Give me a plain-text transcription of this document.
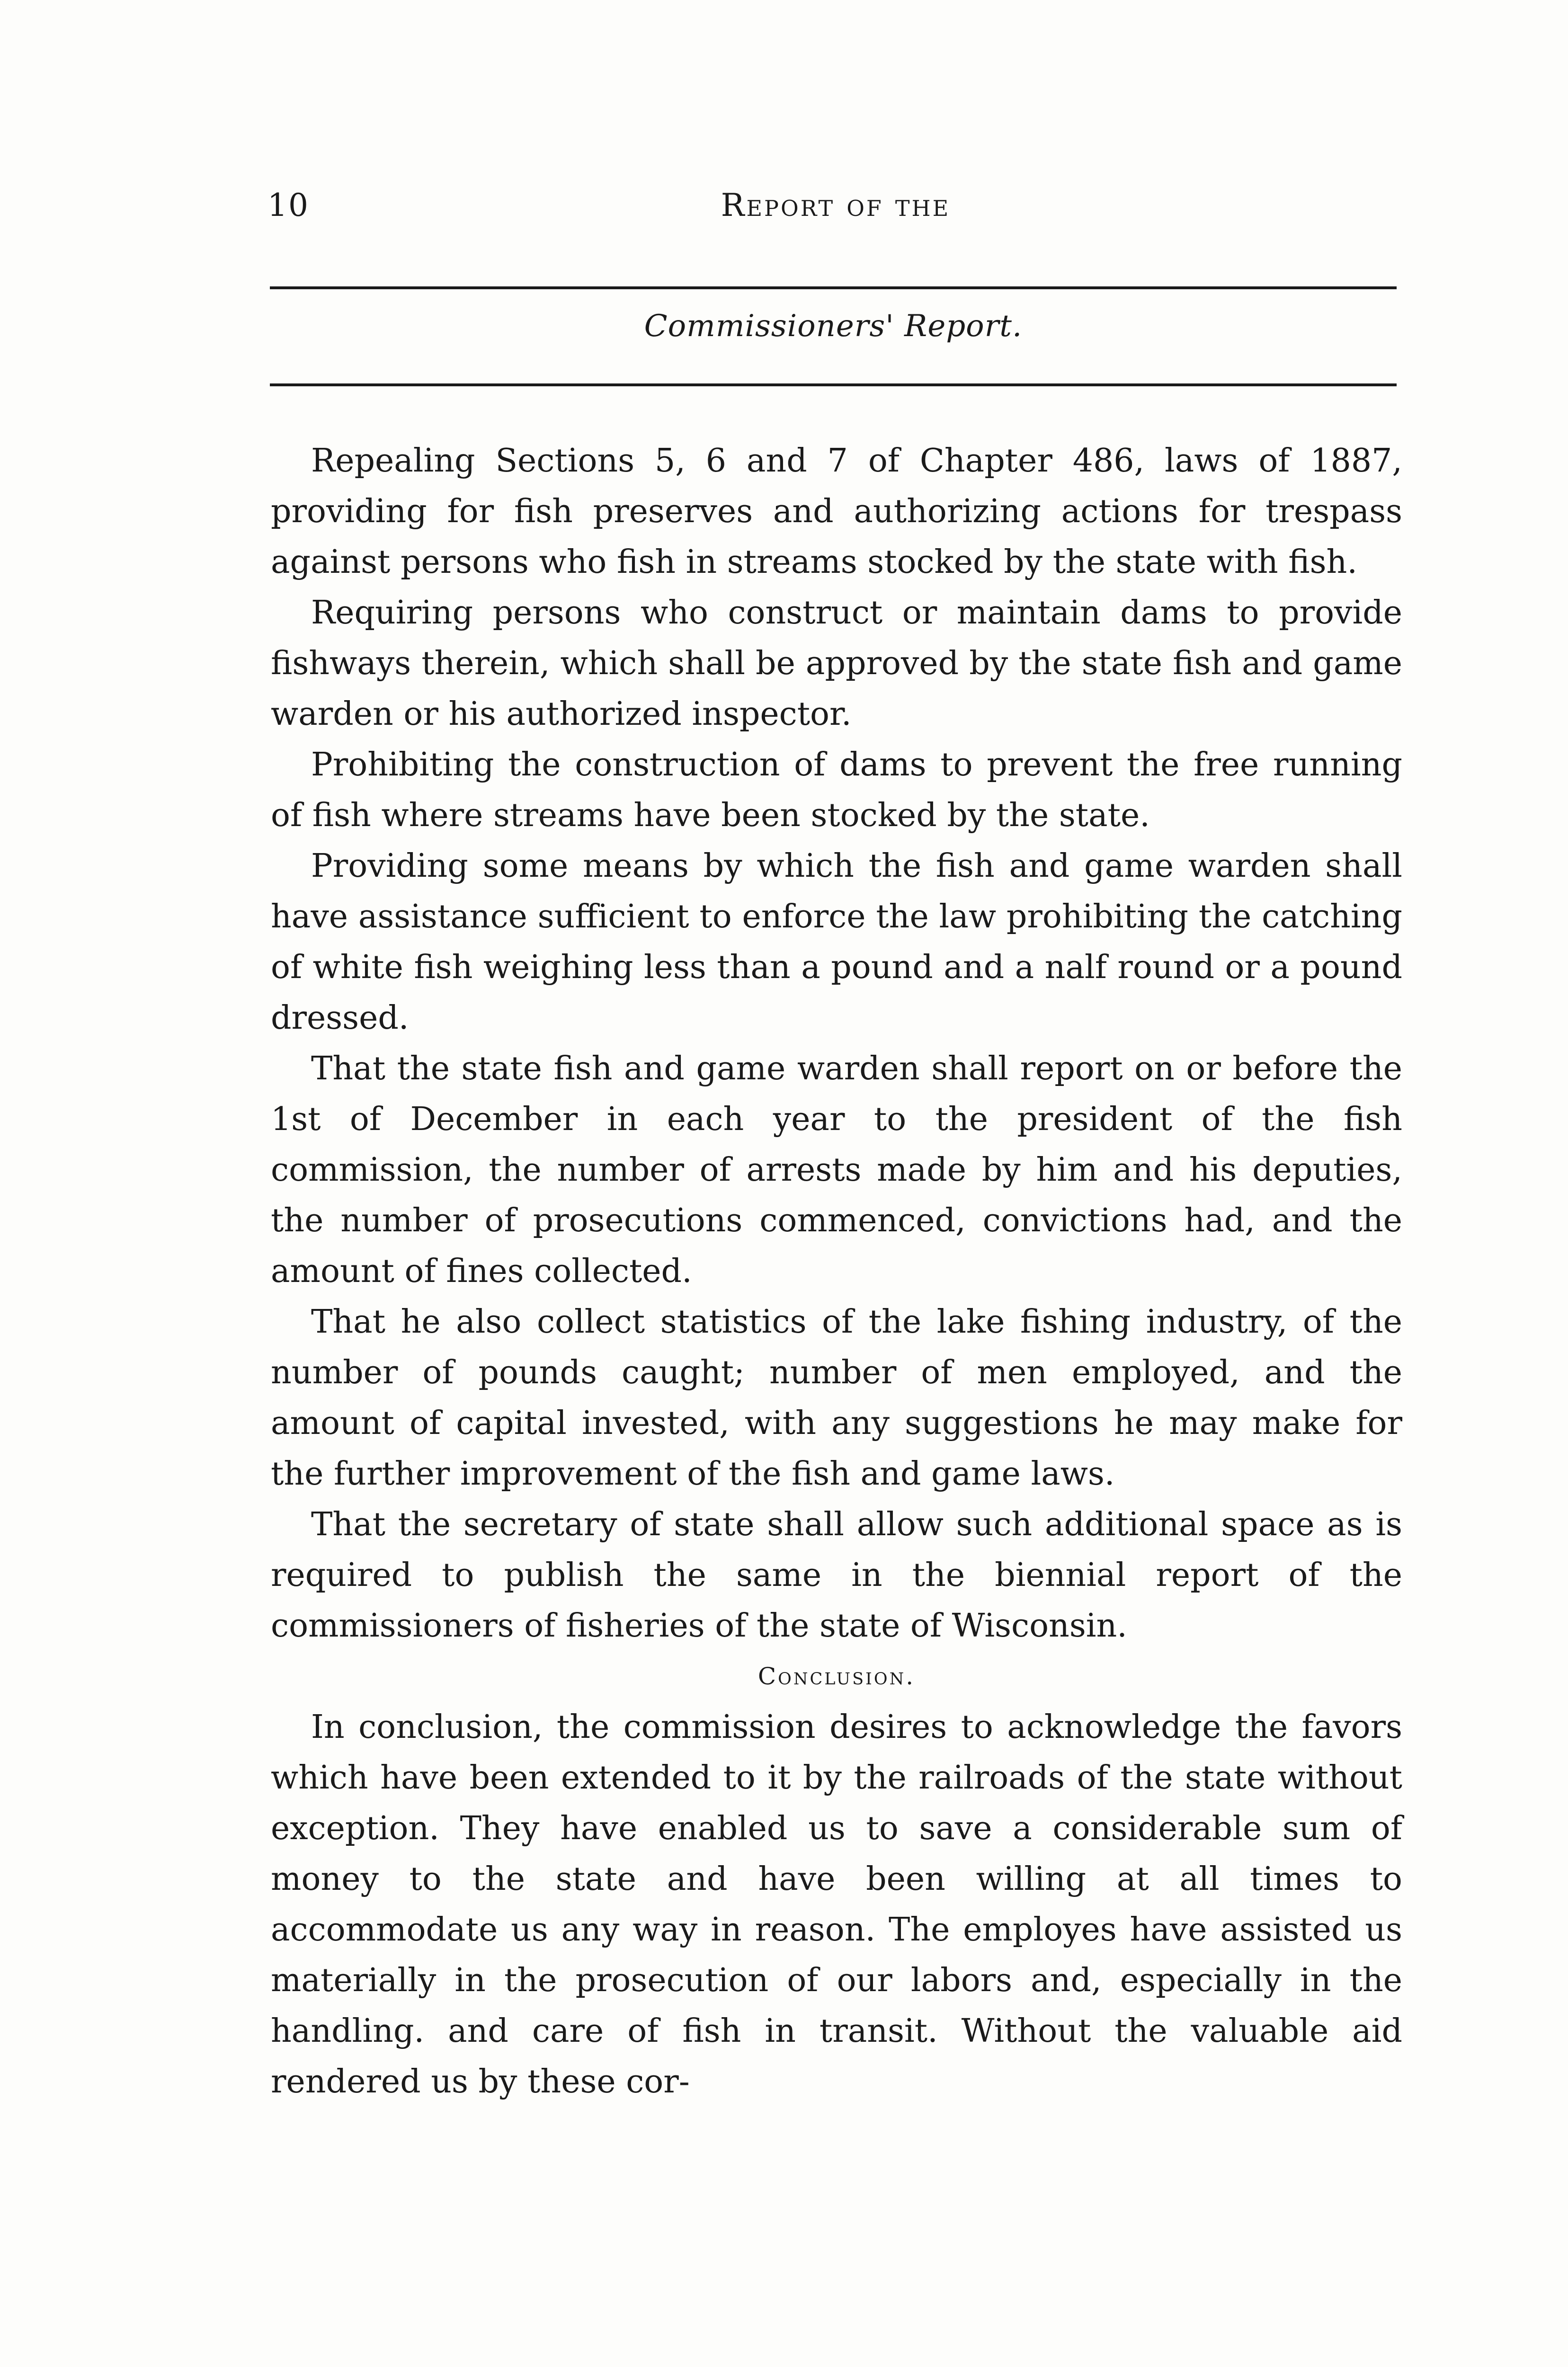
10	Report of the
Commissioners' Report.

Repealing Sections 5, 6 and 7 of Chapter 486, laws of 1887, providing for fish preserves and authorizing actions for trespass against persons who fish in streams stocked by the state with fish.

Requiring persons who construct or maintain dams to provide fishways therein, which shall be approved by the state fish and game warden or his authorized inspector.

Prohibiting the construction of dams to prevent the free running of fish where streams have been stocked by the state.

Providing some means by which the fish and game warden shall have assistance sufficient to enforce the law prohibiting the catching of white fish weighing less than a pound and a nalf round or a pound dressed.

That the state fish and game warden shall report on or before the 1st of December in each year to the president of the fish commission, the number of arrests made by him and his deputies, the number of prosecutions commenced, convictions had, and the amount of fines collected.

That he also collect statistics of the lake fishing industry, of the number of pounds caught; number of men employed, and the amount of capital invested, with any suggestions he may make for the further improvement of the fish and game laws.

That the secretary of state shall allow such additional space as is required to publish the same in the biennial report of the commissioners of fisheries of the state of Wisconsin.

Conclusion.

In conclusion, the commission desires to acknowledge the favors which have been extended to it by the railroads of the state without exception. They have enabled us to save a considerable sum of money to the state and have been willing at all times to accommodate us any way in reason. The employes have assisted us materially in the prosecution of our labors and, especially in the handling. and care of fish in transit. Without the valuable aid rendered us by these cor-
